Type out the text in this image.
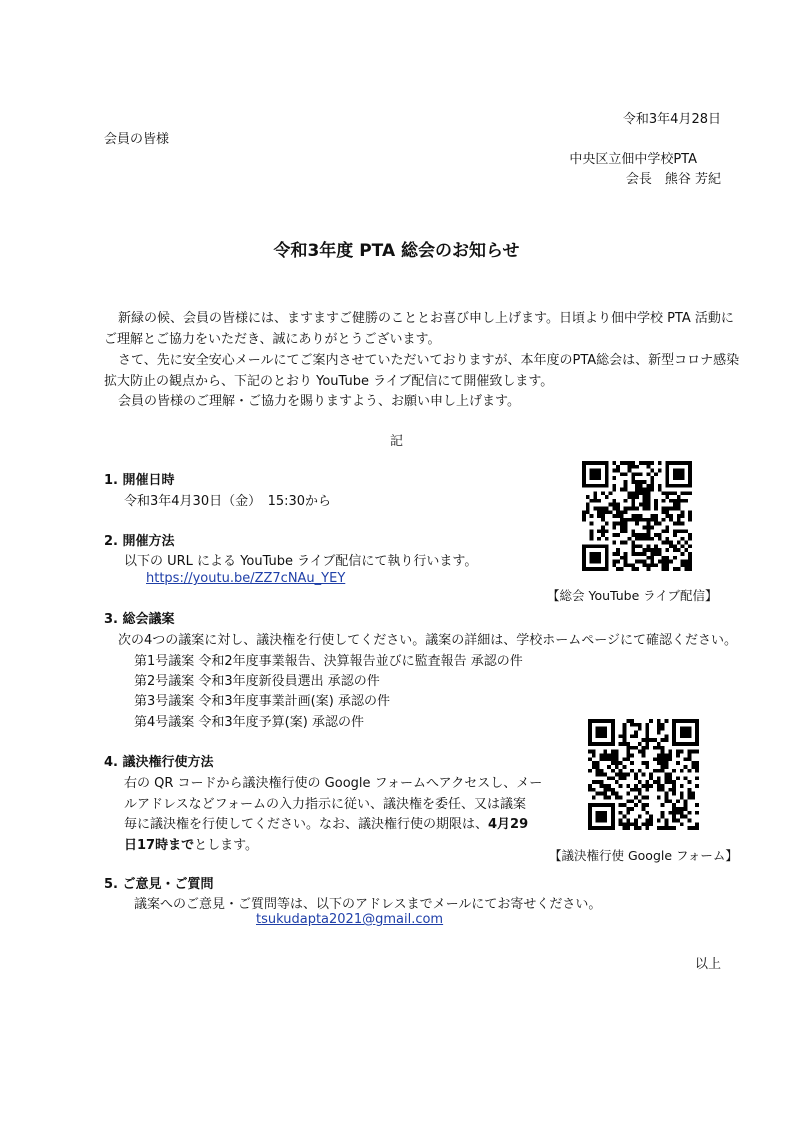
令和3年4月28日
会員の皆様
中央区立佃中学校PTA
会長　熊谷 芳紀
令和3年度 PTA 総会のお知らせ
新緑の候、会員の皆様には、ますますご健勝のこととお喜び申し上げます。日頃より佃中学校 PTA 活動に
ご理解とご協力をいただき、誠にありがとうございます。
さて、先に安全安心メールにてご案内させていただいておりますが、本年度のPTA総会は、新型コロナ感染
拡大防止の観点から、下記のとおり YouTube ライブ配信にて開催致します。
会員の皆様のご理解・ご協力を賜りますよう、お願い申し上げます。
記
1. 開催日時
令和3年4月30日（金）　15:30から
2. 開催方法
以下の URL による YouTube ライブ配信にて執り行います。
https://youtu.be/ZZ7cNAu_YEY
【総会 YouTube ライブ配信】
3. 総会議案
次の4つの議案に対し、議決権を行使してください。議案の詳細は、学校ホームページにて確認ください。
第1号議案 令和2年度事業報告、決算報告並びに監査報告 承認の件
第2号議案 令和3年度新役員選出 承認の件
第3号議案 令和3年度事業計画(案) 承認の件
第4号議案 令和3年度予算(案) 承認の件
【議決権行使 Google フォーム】
4. 議決権行使方法
右の QR コードから議決権行使の Google フォームへアクセスし、メー
ルアドレスなどフォームの入力指示に従い、議決権を委任、又は議案
毎に議決権を行使してください。なお、議決権行使の期限は、4月29
日17時までとします。
5. ご意見・ご質問
議案へのご意見・ご質問等は、以下のアドレスまでメールにてお寄せください。
tsukudapta2021@gmail.com
以上
